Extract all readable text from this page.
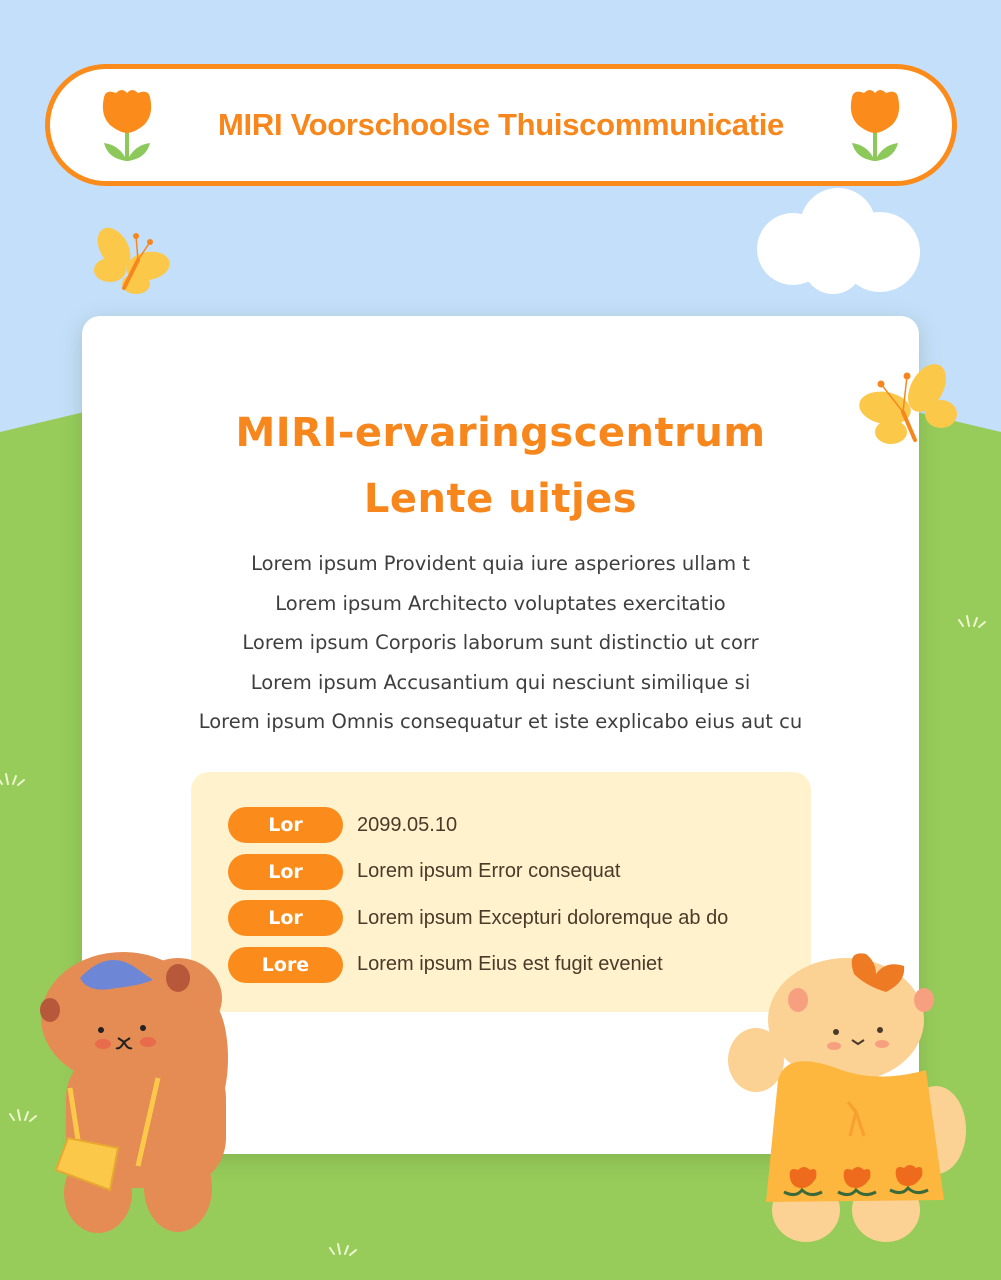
MIRI Voorschoolse Thuiscommunicatie
MIRI-ervaringscentrum
Lente uitjes
Lorem ipsum Provident quia iure asperiores ullam t
Lorem ipsum Architecto voluptates exercitatio
Lorem ipsum Corporis laborum sunt distinctio ut corr
Lorem ipsum Accusantium qui nesciunt similique si
Lorem ipsum Omnis consequatur et iste explicabo eius aut cu
Lor	2099.05.10
Lor	Lorem ipsum Error consequat
Lor	Lorem ipsum Excepturi doloremque ab do
Lore	Lorem ipsum Eius est fugit eveniet
